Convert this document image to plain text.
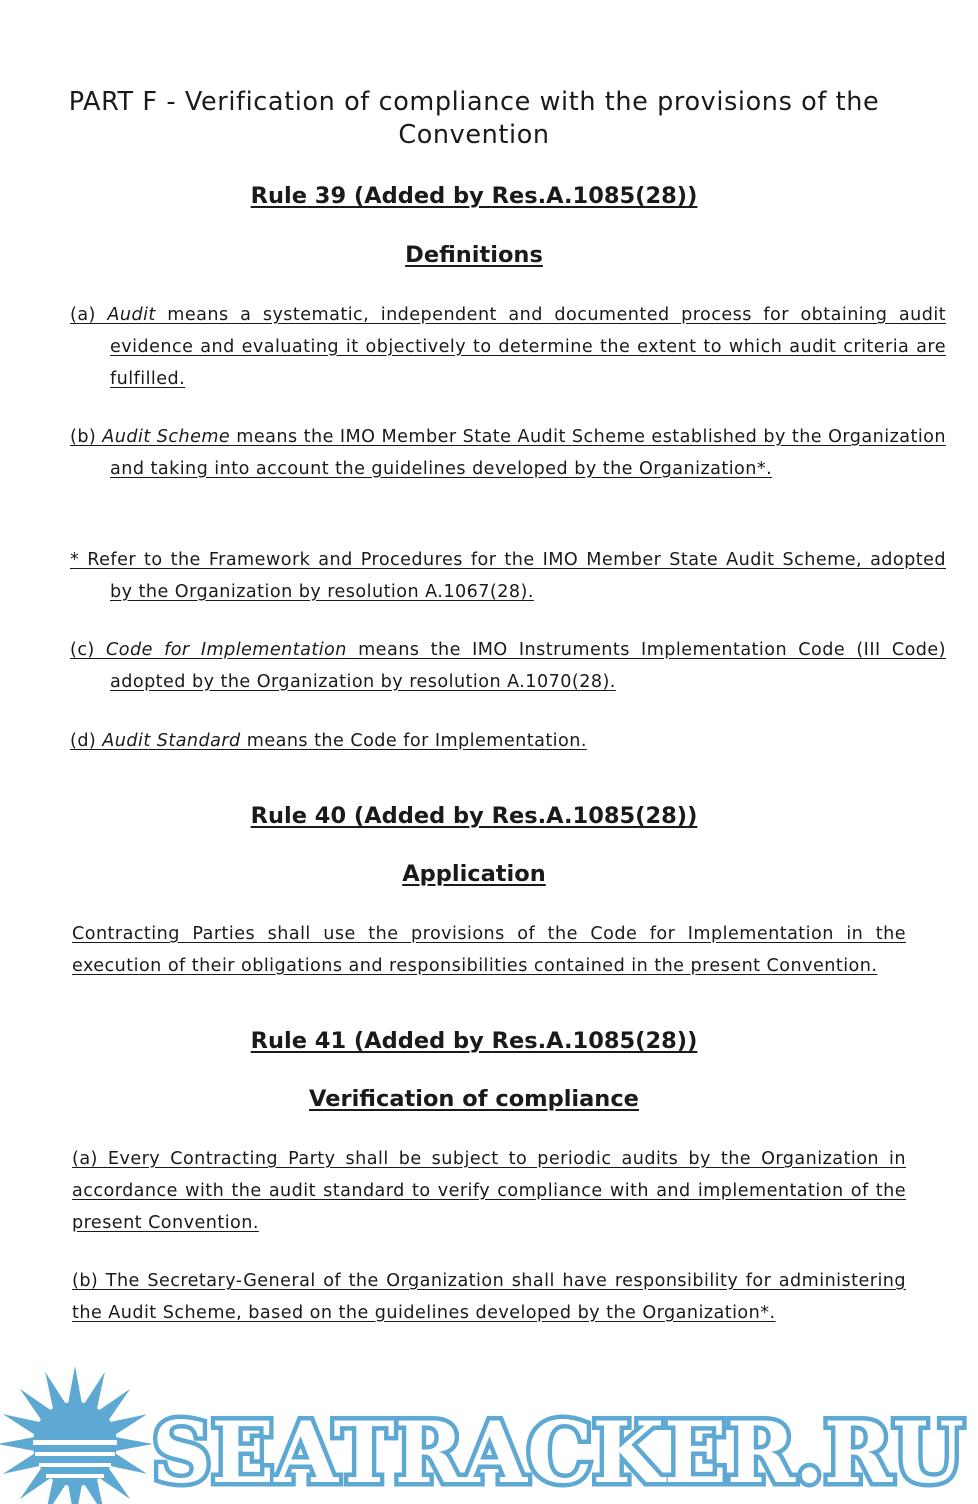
PART F - Verification of compliance with the provisions of the Convention
Rule 39 (Added by Res.A.1085(28))
Definitions

(a) Audit means a systematic, independent and documented process for obtaining audit evidence and evaluating it objectively to determine the extent to which audit criteria are fulfilled.

(b) Audit Scheme means the IMO Member State Audit Scheme established by the Organization and taking into account the guidelines developed by the Organization*.

* Refer to the Framework and Procedures for the IMO Member State Audit Scheme, adopted by the Organization by resolution A.1067(28).

(c) Code for Implementation means the IMO Instruments Implementation Code (III Code) adopted by the Organization by resolution A.1070(28).

(d) Audit Standard means the Code for Implementation.

Rule 40 (Added by Res.A.1085(28))
Application

Contracting Parties shall use the provisions of the Code for Implementation in the execution of their obligations and responsibilities contained in the present Convention.

Rule 41 (Added by Res.A.1085(28))
Verification of compliance

(a) Every Contracting Party shall be subject to periodic audits by the Organization in accordance with the audit standard to verify compliance with and implementation of the present Convention.

(b) The Secretary-General of the Organization shall have responsibility for administering the Audit Scheme, based on the guidelines developed by the Organization*.

SEATRACKER.RU
